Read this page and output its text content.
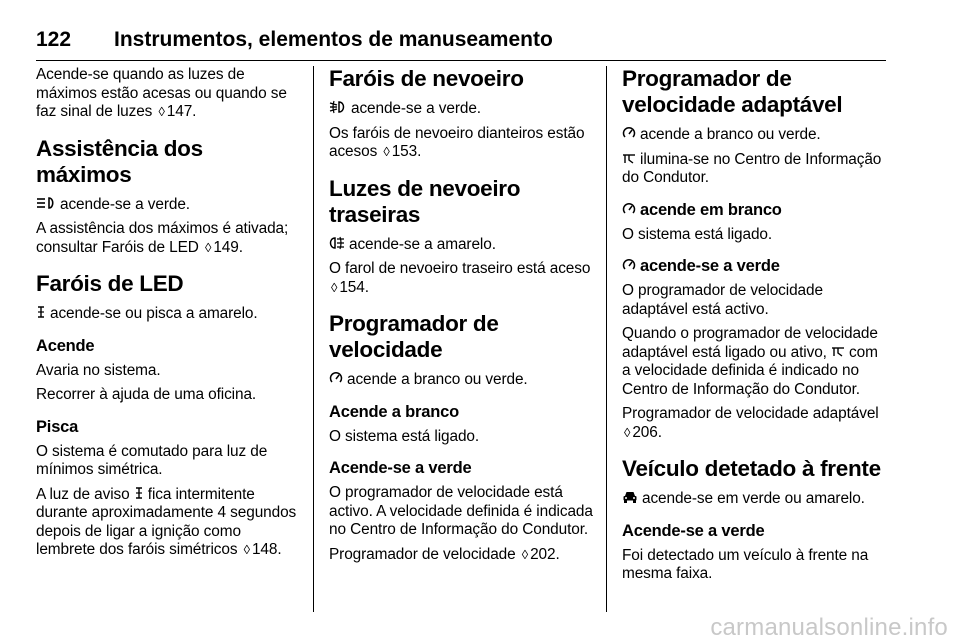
122 Instrumentos, elementos de manuseamento

Acende-se quando as luzes de máximos estão acesas ou quando se faz sinal de luzes ◊ 147.

Assistência dos máximos

acende-se a verde.

A assistência dos máximos é ativada; consultar Faróis de LED ◊ 149.

Faróis de LED

acende-se ou pisca a amarelo.

Acende

Avaria no sistema.

Recorrer à ajuda de uma oficina.

Pisca

O sistema é comutado para luz de mínimos simétrica.

A luz de aviso fica intermitente durante aproximadamente 4 segundos depois de ligar a ignição como lembrete dos faróis simétricos ◊ 148.

Faróis de nevoeiro

acende-se a verde.

Os faróis de nevoeiro dianteiros estão acesos ◊ 153.

Luzes de nevoeiro traseiras

acende-se a amarelo.

O farol de nevoeiro traseiro está aceso ◊ 154.

Programador de velocidade

acende a branco ou verde.

Acende a branco

O sistema está ligado.

Acende-se a verde

O programador de velocidade está activo. A velocidade definida é indicada no Centro de Informação do Condutor.

Programador de velocidade ◊ 202.

Programador de velocidade adaptável

acende a branco ou verde.

ilumina-se no Centro de Informação do Condutor.

acende em branco

O sistema está ligado.

acende-se a verde

O programador de velocidade adaptável está activo.

Quando o programador de velocidade adaptável está ligado ou ativo, com a velocidade definida é indicado no Centro de Informação do Condutor.

Programador de velocidade adaptável ◊ 206.

Veículo detetado à frente

acende-se em verde ou amarelo.

Acende-se a verde

Foi detectado um veículo à frente na mesma faixa.

carmanualsonline.info
